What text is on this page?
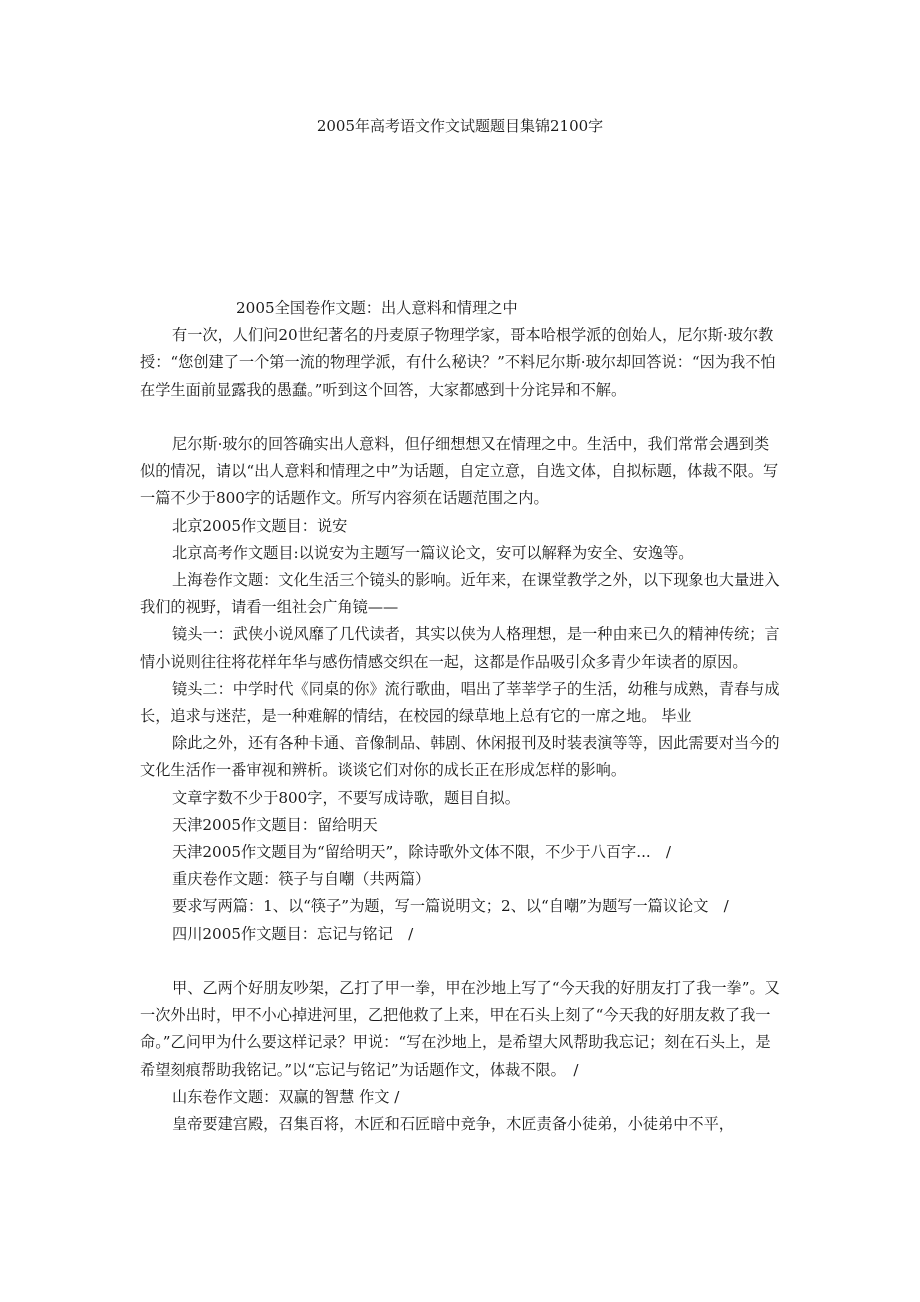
2005年高考语文作文试题题目集锦2100字

2005全国卷作文题：出人意料和情理之中

有一次，人们问20世纪著名的丹麦原子物理学家，哥本哈根学派的创始人，尼尔斯·玻尔教授：“您创建了一个第一流的物理学派，有什么秘诀？”不料尼尔斯·玻尔却回答说：“因为我不怕在学生面前显露我的愚蠢。”听到这个回答，大家都感到十分诧异和不解。

尼尔斯·玻尔的回答确实出人意料，但仔细想想又在情理之中。生活中，我们常常会遇到类似的情况，请以“出人意料和情理之中”为话题，自定立意，自选文体，自拟标题，体裁不限。写一篇不少于800字的话题作文。所写内容须在话题范围之内。

北京2005作文题目：说安

北京高考作文题目:以说安为主题写一篇议论文，安可以解释为安全、安逸等。

上海卷作文题：文化生活三个镜头的影响。近年来，在课堂教学之外，以下现象也大量进入我们的视野，请看一组社会广角镜——

镜头一：武侠小说风靡了几代读者，其实以侠为人格理想，是一种由来已久的精神传统；言情小说则往往将花样年华与感伤情感交织在一起，这都是作品吸引众多青少年读者的原因。

镜头二：中学时代《同桌的你》流行歌曲，唱出了莘莘学子的生活，幼稚与成熟，青春与成长，追求与迷茫，是一种难解的情结，在校园的绿草地上总有它的一席之地。 毕业

除此之外，还有各种卡通、音像制品、韩剧、休闲报刊及时装表演等等，因此需要对当今的文化生活作一番审视和辨析。谈谈它们对你的成长正在形成怎样的影响。

文章字数不少于800字，不要写成诗歌，题目自拟。

天津2005作文题目：留给明天

天津2005作文题目为“留给明天”，除诗歌外文体不限，不少于八百字...　/

重庆卷作文题：筷子与自嘲（共两篇）

要求写两篇：1、以“筷子”为题，写一篇说明文；2、以“自嘲”为题写一篇议论文　/

四川2005作文题目：忘记与铭记　/

甲、乙两个好朋友吵架，乙打了甲一拳，甲在沙地上写了“今天我的好朋友打了我一拳”。又一次外出时，甲不小心掉进河里，乙把他救了上来，甲在石头上刻了“今天我的好朋友救了我一命。”乙问甲为什么要这样记录？甲说：“写在沙地上，是希望大风帮助我忘记；刻在石头上，是希望刻痕帮助我铭记。”以“忘记与铭记”为话题作文，体裁不限。　/

山东卷作文题：双赢的智慧 作文 /

皇帝要建宫殿，召集百将，木匠和石匠暗中竞争，木匠责备小徒弟，小徒弟中不平，
